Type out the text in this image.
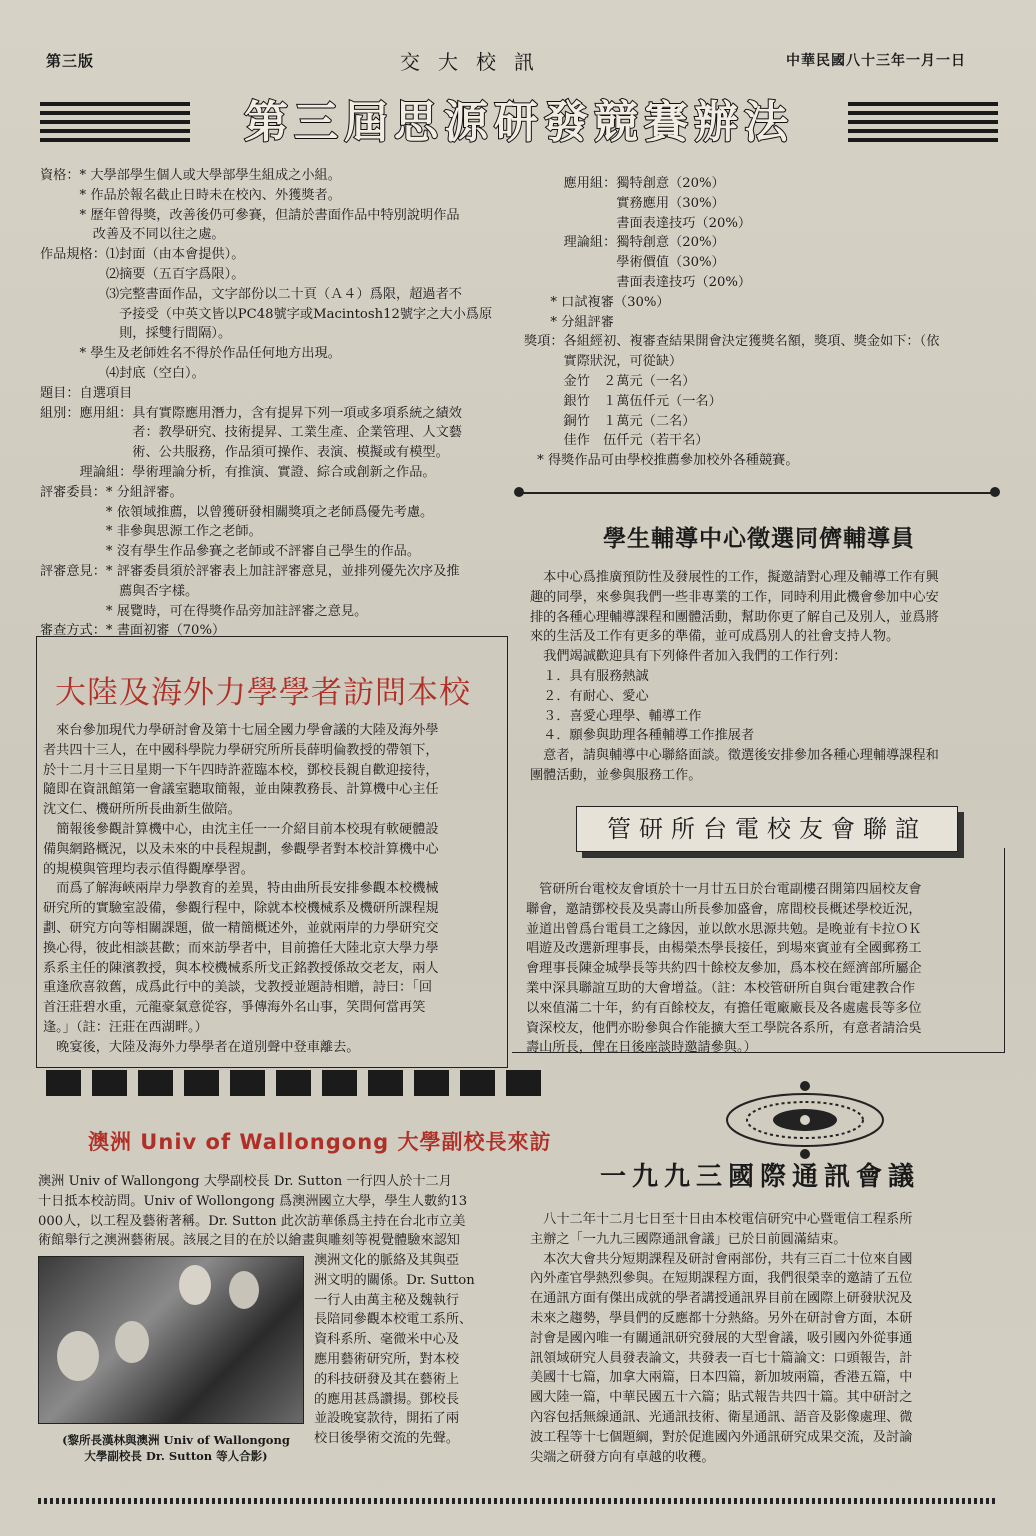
第三版	交大校訊	中華民國八十三年一月一日
第三屆思源研發競賽辦法
資格：* 大學部學生個人或大學部學生組成之小組。
　　　* 作品於報名截止日時未在校內、外獲獎者。
　　　* 歷年曾得獎，改善後仍可參賽，但請於書面作品中特別說明作品
　　　　改善及不同以往之處。
作品規格：⑴封面（由本會提供）。
　　　　　⑵摘要（五百字爲限）。
　　　　　⑶完整書面作品，文字部份以二十頁（Ａ４）爲限，超過者不
　　　　　　予接受（中英文皆以PC48號字或Macintosh12號字之大小爲原
　　　　　　則，採雙行間隔）。
　　　* 學生及老師姓名不得於作品任何地方出現。
　　　　　⑷封底（空白）。
題目：自選項目
組別：應用組：具有實際應用潛力，含有提昇下列一項或多項系統之績效
　　　　　　　者：教學研究、技術提昇、工業生產、企業管理、人文藝
　　　　　　　術、公共服務，作品須可操作、表演、模擬或有模型。
　　　理論組：學術理論分析，有推演、實證、綜合或創新之作品。
評審委員：* 分組評審。
　　　　　* 依領域推薦，以曾獲研發相關獎項之老師爲優先考慮。
　　　　　* 非參與思源工作之老師。
　　　　　* 沒有學生作品參賽之老師或不評審自己學生的作品。
評審意見：* 評審委員須於評審表上加註評審意見，並排列優先次序及推
　　　　　　薦與否字樣。
　　　　　* 展覽時，可在得獎作品旁加註評審之意見。
審查方式：* 書面初審（70%）
　　　應用組：獨特創意（20%）
　　　　　　　實務應用（30%）
　　　　　　　書面表達技巧（20%）
　　　理論組：獨特創意（20%）
　　　　　　　學術價值（30%）
　　　　　　　書面表達技巧（20%）
　　* 口試複審（30%）
　　* 分組評審
獎項：各組經初、複審查結果開會決定獲獎名額，獎項、獎金如下：（依
　　　實際狀況，可從缺）
　　　金竹　２萬元（一名）
　　　銀竹　１萬伍仟元（一名）
　　　銅竹　１萬元（二名）
　　　佳作　伍仟元（若干名）
　* 得獎作品可由學校推薦參加校外各種競賽。
大陸及海外力學學者訪問本校
　來台參加現代力學研討會及第十七屆全國力學會議的大陸及海外學
者共四十三人，在中國科學院力學研究所所長薛明倫教授的帶領下，
於十二月十三日星期一下午四時許蒞臨本校，鄧校長親自歡迎接待，
隨即在資訊館第一會議室聽取簡報，並由陳教務長、計算機中心主任
沈文仁、機研所所長曲新生做陪。
　簡報後參觀計算機中心，由沈主任一一介紹目前本校現有軟硬體設
備與網路概況，以及未來的中長程規劃，參觀學者對本校計算機中心
的規模與管理均表示值得觀摩學習。
　而爲了解海峽兩岸力學教育的差異，特由曲所長安排參觀本校機械
研究所的實驗室設備，參觀行程中，除就本校機械系及機研所課程規
劃、研究方向等相關課題，做一精簡概述外，並就兩岸的力學研究交
換心得，彼此相談甚歡；而來訪學者中，目前擔任大陸北京大學力學
系系主任的陳濱教授，與本校機械系所戈正銘教授係故交老友，兩人
重逢欣喜敘舊，成爲此行中的美談，戈教授並題詩相贈，詩曰：「回
首汪莊碧水重，元龍豪氣意從容，爭傳海外名山事，笑問何當再笑
逢。」（註：汪莊在西湖畔。）
　晚宴後，大陸及海外力學學者在道別聲中登車離去。
澳洲 Univ of Wallongong 大學副校長來訪
澳洲 Univ of Wallongong 大學副校長 Dr. Sutton 一行四人於十二月
十日抵本校訪問。Univ of Wollongong 爲澳洲國立大學，學生人數約13
000人，以工程及藝術著稱。Dr. Sutton 此次訪華係爲主持在台北市立美
術館舉行之澳洲藝術展。該展之目的在於以繪畫與雕刻等視覺體驗來認知
澳洲文化的脈絡及其與亞
洲文明的關係。Dr. Sutton
一行人由萬主秘及魏執行
長陪同參觀本校電工系所、
資科系所、毫微米中心及
應用藝術研究所，對本校
的科技研發及其在藝術上
的應用甚爲讚揚。鄧校長
並設晚宴款待，開拓了兩
校日後學術交流的先聲。
(黎所長漢林與澳洲 Univ of Wallongong
大學副校長 Dr. Sutton 等人合影)
學生輔導中心徵選同儕輔導員
　本中心爲推廣預防性及發展性的工作，擬邀請對心理及輔導工作有興
趣的同學，來參與我們一些非專業的工作，同時利用此機會參加中心安
排的各種心理輔導課程和團體活動，幫助你更了解自己及別人，並爲將
來的生活及工作有更多的準備，並可成爲別人的社會支持人物。
　我們竭誠歡迎具有下列條件者加入我們的工作行列：
　１．具有服務熱誠
　２．有耐心、愛心
　３．喜愛心理學、輔導工作
　４．願參與助理各種輔導工作推展者
　意者，請與輔導中心聯絡面談。徵選後安排參加各種心理輔導課程和
團體活動，並參與服務工作。
管研所台電校友會聯誼
　管研所台電校友會頃於十一月廿五日於台電副樓召開第四屆校友會
聯會，邀請鄧校長及吳壽山所長參加盛會，席間校長概述學校近況，
並道出曾爲台電員工之緣因，並以飲水思源共勉。是晚並有卡拉ＯＫ
唱遊及改選新理事長，由楊榮杰學長接任，到場來賓並有全國郵務工
會理事長陳金城學長等共約四十餘校友參加，爲本校在經濟部所屬企
業中深具聯誼互助的大會增益。（註：本校管研所自與台電建教合作
以來值滿二十年，約有百餘校友，有擔任電廠廠長及各處處長等多位
資深校友，他們亦盼參與合作能擴大至工學院各系所，有意者請洽吳
壽山所長，俾在日後座談時邀請參與。）
一九九三國際通訊會議
　八十二年十二月七日至十日由本校電信研究中心暨電信工程系所
主辦之「一九九三國際通訊會議」已於日前圓滿結束。
　本次大會共分短期課程及研討會兩部份，共有三百二十位來自國
內外產官學熱烈參與。在短期課程方面，我們很榮幸的邀請了五位
在通訊方面有傑出成就的學者講授通訊界目前在國際上研發狀況及
未來之趨勢，學員們的反應都十分熱絡。另外在研討會方面，本研
討會是國內唯一有關通訊研究發展的大型會議，吸引國內外從事通
訊領域研究人員發表論文，共發表一百七十篇論文：口頭報告，計
美國十七篇，加拿大兩篇，日本四篇，新加坡兩篇，香港五篇，中
國大陸一篇，中華民國五十六篇；貼式報告共四十篇。其中研討之
內容包括無線通訊、光通訊技術、衛星通訊、語音及影像處理、微
波工程等十七個題綱，對於促進國內外通訊研究成果交流，及討論
尖端之研發方向有卓越的收穫。
